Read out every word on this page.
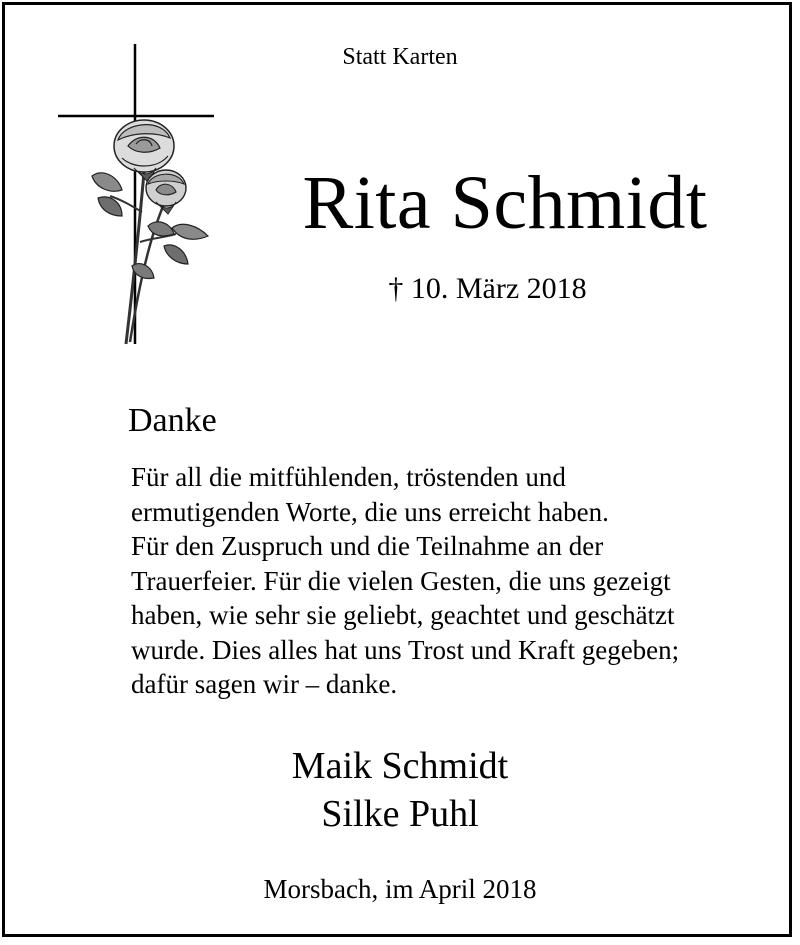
Statt Karten
Rita Schmidt
† 10. März 2018
Danke
Für all die mitfühlenden, tröstenden und
ermutigenden Worte, die uns erreicht haben.
Für den Zuspruch und die Teilnahme an der
Trauerfeier. Für die vielen Gesten, die uns gezeigt
haben, wie sehr sie geliebt, geachtet und geschätzt
wurde. Dies alles hat uns Trost und Kraft gegeben;
dafür sagen wir – danke.
Maik Schmidt
Silke Puhl
Morsbach, im April 2018
